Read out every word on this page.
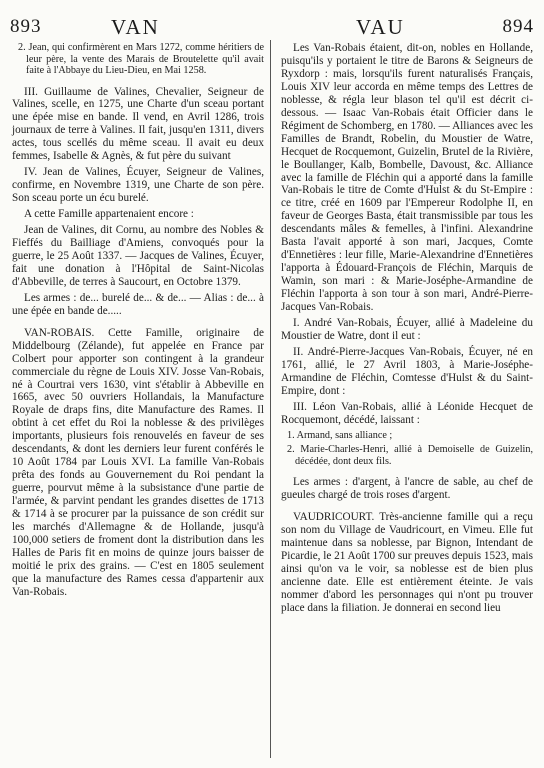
893	VAN	VAU	894

2. Jean, qui confirmèrent en Mars 1272, comme héritiers de leur père, la vente des Marais de Broutelette qu'il avait faite à l'Abbaye du Lieu-Dieu, en Mai 1258.

III. Guillaume de Valines, Chevalier, Seigneur de Valines, scelle, en 1275, une Charte d'un sceau portant une épée mise en bande. Il vend, en Avril 1286, trois journaux de terre à Valines. Il fait, jusqu'en 1311, divers actes, tous scellés du même sceau. Il avait eu deux femmes, Isabelle & Agnès, & fut père du suivant

IV. Jean de Valines, Écuyer, Seigneur de Valines, confirme, en Novembre 1319, une Charte de son père. Son sceau porte un écu burelé.

A cette Famille appartenaient encore :

Jean de Valines, dit Cornu, au nombre des Nobles & Fieffés du Bailliage d'Amiens, convoqués pour la guerre, le 25 Août 1337. — Jacques de Valines, Écuyer, fait une donation à l'Hôpital de Saint-Nicolas d'Abbeville, de terres à Saucourt, en Octobre 1379.

Les armes : de... burelé de... & de... — Alias : de... à une épée en bande de.....

VAN-ROBAIS. Cette Famille, originaire de Middelbourg (Zélande), fut appelée en France par Colbert pour apporter son contingent à la grandeur commerciale du règne de Louis XIV. Josse Van-Robais, né à Courtrai vers 1630, vint s'établir à Abbeville en 1665, avec 50 ouvriers Hollandais, la Manufacture Royale de draps fins, dite Manufacture des Rames. Il obtint à cet effet du Roi la noblesse & des privilèges importants, plusieurs fois renouvelés en faveur de ses descendants, & dont les derniers leur furent conférés le 10 Août 1784 par Louis XVI. La famille Van-Robais prêta des fonds au Gouvernement du Roi pendant la guerre, pourvut même à la subsistance d'une partie de l'armée, & parvint pendant les grandes disettes de 1713 & 1714 à se procurer par la puissance de son crédit sur les marchés d'Allemagne & de Hollande, jusqu'à 100,000 setiers de froment dont la distribution dans les Halles de Paris fit en moins de quinze jours baisser de moitié le prix des grains. — C'est en 1805 seulement que la manufacture des Rames cessa d'appartenir aux Van-Robais.

Les Van-Robais étaient, dit-on, nobles en Hollande, puisqu'ils y portaient le titre de Barons & Seigneurs de Ryxdorp : mais, lorsqu'ils furent naturalisés Français, Louis XIV leur accorda en même temps des Lettres de noblesse, & régla leur blason tel qu'il est décrit ci-dessous. — Isaac Van-Robais était Officier dans le Régiment de Schomberg, en 1780. — Alliances avec les Familles de Brandt, Robelin, du Moustier de Watre, Hecquet de Rocquemont, Guizelin, Brutel de la Rivière, le Boullanger, Kalb, Bombelle, Davoust, &c. Alliance avec la famille de Fléchin qui a apporté dans la famille Van-Robais le titre de Comte d'Hulst & du St-Empire : ce titre, créé en 1609 par l'Empereur Rodolphe II, en faveur de Georges Basta, était transmissible par tous les descendants mâles & femelles, à l'infini. Alexandrine Basta l'avait apporté à son mari, Jacques, Comte d'Ennetières : leur fille, Marie-Alexandrine d'Ennetières l'apporta à Édouard-François de Fléchin, Marquis de Wamin, son mari : & Marie-Joséphe-Armandine de Fléchin l'apporta à son tour à son mari, André-Pierre-Jacques Van-Robais.

I. André Van-Robais, Écuyer, allié à Madeleine du Moustier de Watre, dont il eut :

II. André-Pierre-Jacques Van-Robais, Écuyer, né en 1761, allié, le 27 Avril 1803, à Marie-Joséphe-Armandine de Fléchin, Comtesse d'Hulst & du Saint-Empire, dont :

III. Léon Van-Robais, allié à Léonide Hecquet de Rocquemont, décédé, laissant :

1. Armand, sans alliance ;

2. Marie-Charles-Henri, allié à Demoiselle de Guizelin, décédée, dont deux fils.

Les armes : d'argent, à l'ancre de sable, au chef de gueules chargé de trois roses d'argent.

VAUDRICOURT. Très-ancienne famille qui a reçu son nom du Village de Vaudricourt, en Vimeu. Elle fut maintenue dans sa noblesse, par Bignon, Intendant de Picardie, le 21 Août 1700 sur preuves depuis 1523, mais ainsi qu'on va le voir, sa noblesse est de bien plus ancienne date. Elle est entièrement éteinte. Je vais nommer d'abord les personnages qui n'ont pu trouver place dans la filiation. Je donnerai en second lieu
